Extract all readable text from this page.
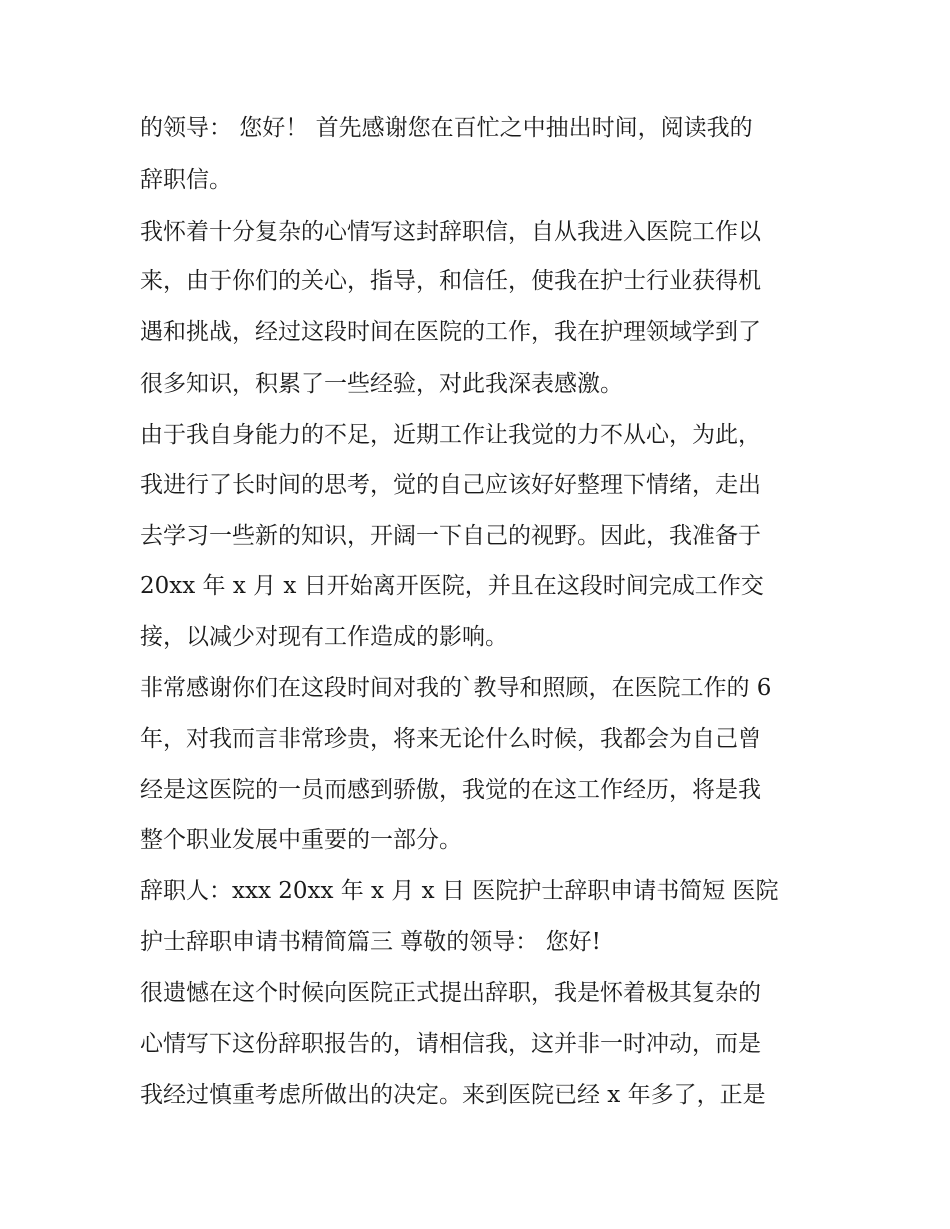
的领导： 您好！ 首先感谢您在百忙之中抽出时间，阅读我的
辞职信。
我怀着十分复杂的心情写这封辞职信，自从我进入医院工作以
来，由于你们的关心，指导，和信任，使我在护士行业获得机
遇和挑战，经过这段时间在医院的工作，我在护理领域学到了
很多知识，积累了一些经验，对此我深表感激。
由于我自身能力的不足，近期工作让我觉的力不从心，为此，
我进行了长时间的思考，觉的自己应该好好整理下情绪，走出
去学习一些新的知识，开阔一下自己的视野。因此，我准备于
20xx 年 x 月 x 日开始离开医院，并且在这段时间完成工作交
接，以减少对现有工作造成的影响。
非常感谢你们在这段时间对我的`教导和照顾，在医院工作的 6
年，对我而言非常珍贵，将来无论什么时候，我都会为自己曾
经是这医院的一员而感到骄傲，我觉的在这工作经历，将是我
整个职业发展中重要的一部分。
辞职人：xxx 20xx 年 x 月 x 日 医院护士辞职申请书简短 医院
护士辞职申请书精简篇三 尊敬的领导： 您好!
很遗憾在这个时候向医院正式提出辞职，我是怀着极其复杂的
心情写下这份辞职报告的，请相信我，这并非一时冲动，而是
我经过慎重考虑所做出的决定。来到医院已经 x 年多了，正是
